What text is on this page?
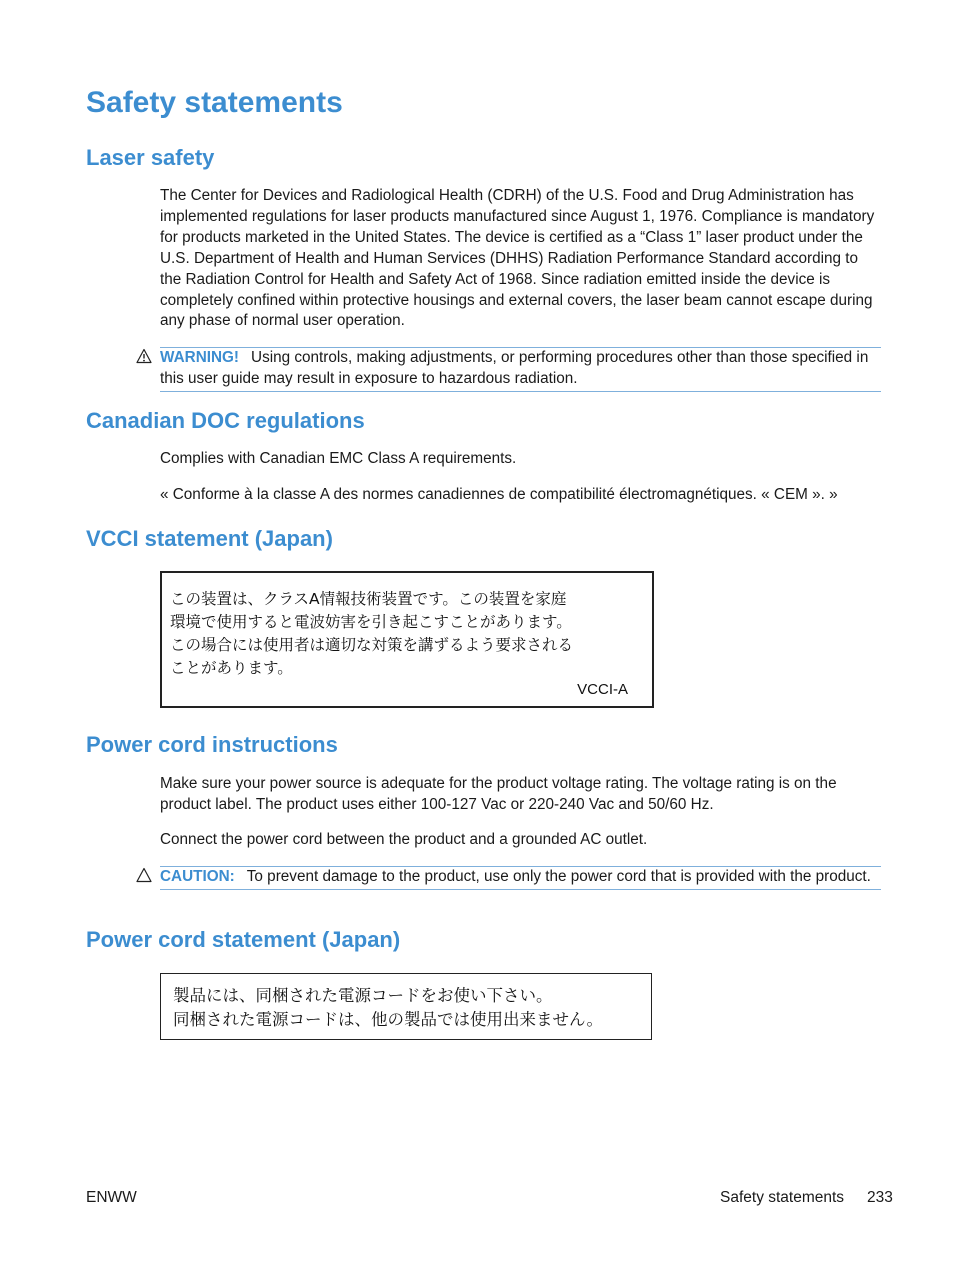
Safety statements
Laser safety

The Center for Devices and Radiological Health (CDRH) of the U.S. Food and Drug Administration has implemented regulations for laser products manufactured since August 1, 1976. Compliance is mandatory for products marketed in the United States. The device is certified as a “Class 1” laser product under the U.S. Department of Health and Human Services (DHHS) Radiation Performance Standard according to the Radiation Control for Health and Safety Act of 1968. Since radiation emitted inside the device is completely confined within protective housings and external covers, the laser beam cannot escape during any phase of normal user operation.

WARNING! Using controls, making adjustments, or performing procedures other than those specified in this user guide may result in exposure to hazardous radiation.
Canadian DOC regulations

Complies with Canadian EMC Class A requirements.

« Conforme à la classe A des normes canadiennes de compatibilité électromagnétiques. « CEM ». »

VCCI statement (Japan)
この装置は、クラスA情報技術装置です。この装置を家庭
環境で使用すると電波妨害を引き起こすことがあります。
この場合には使用者は適切な対策を講ずるよう要求される
ことがあります。
VCCI-A
Power cord instructions

Make sure your power source is adequate for the product voltage rating. The voltage rating is on the product label. The product uses either 100-127 Vac or 220-240 Vac and 50/60 Hz.

Connect the power cord between the product and a grounded AC outlet.

CAUTION: To prevent damage to the product, use only the power cord that is provided with the product.
Power cord statement (Japan)
製品には、同梱された電源コードをお使い下さい。
同梱された電源コードは、他の製品では使用出来ません。
ENWW	Safety statements 233
